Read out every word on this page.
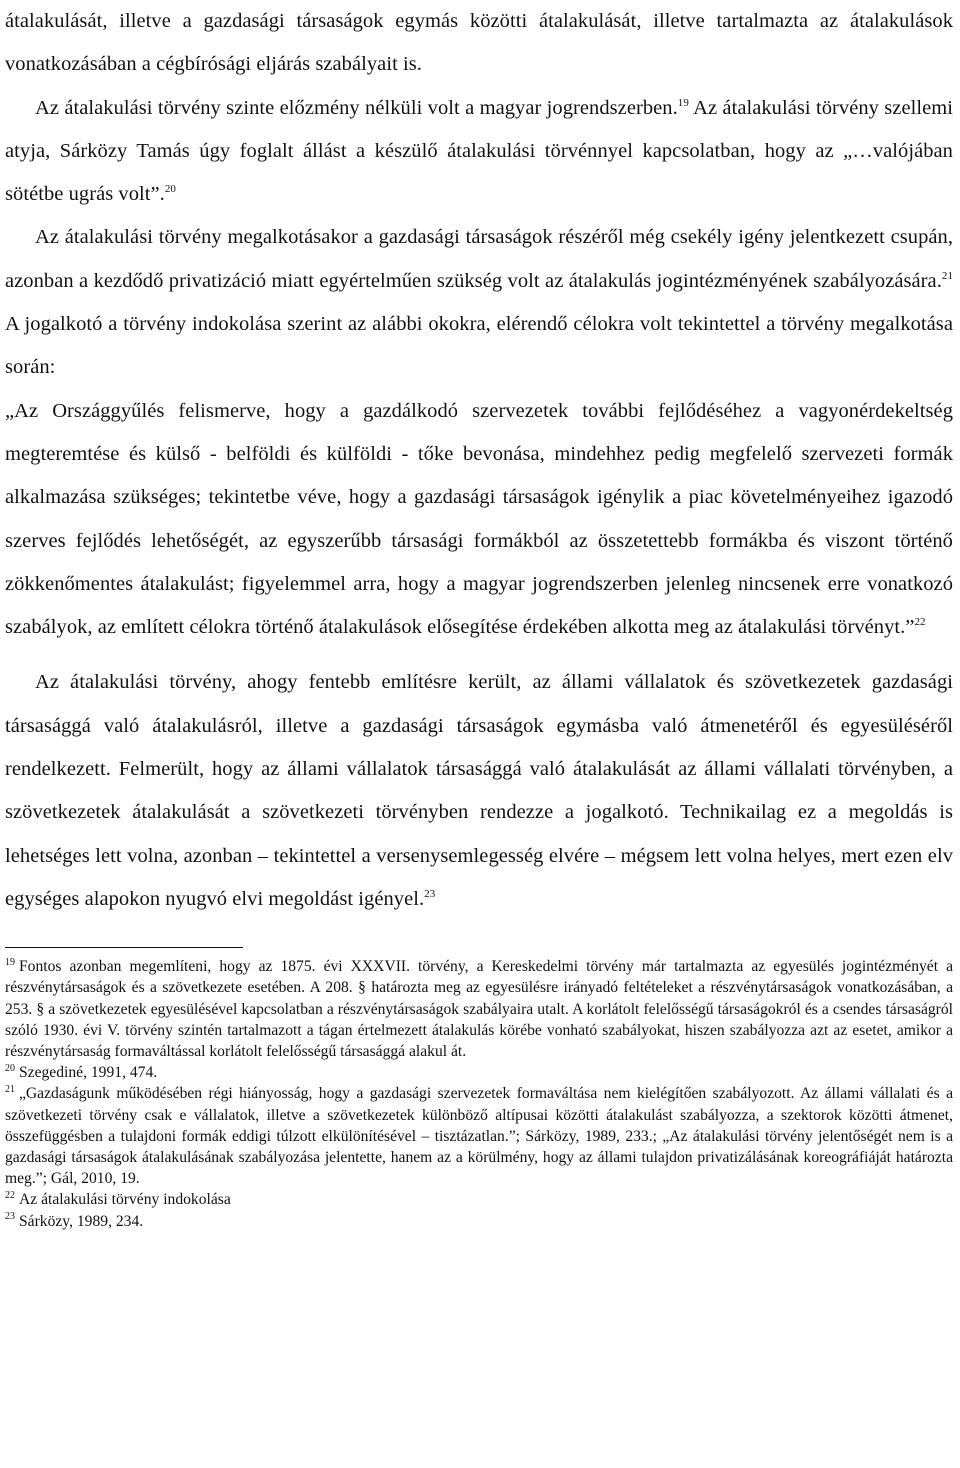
átalakulását, illetve a gazdasági társaságok egymás közötti átalakulását, illetve tartalmazta az átalakulások vonatkozásában a cégbírósági eljárás szabályait is.

Az átalakulási törvény szinte előzmény nélküli volt a magyar jogrendszerben.$^{19}$ Az átalakulási törvény szellemi atyja, Sárközy Tamás úgy foglalt állást a készülő átalakulási törvénnyel kapcsolatban, hogy az „…valójában sötétbe ugrás volt”.$^{20}$

Az átalakulási törvény megalkotásakor a gazdasági társaságok részéről még csekély igény jelentkezett csupán, azonban a kezdődő privatizáció miatt egyértelműen szükség volt az átalakulás jogintézményének szabályozására.$^{21}$ A jogalkotó a törvény indokolása szerint az alábbi okokra, elérendő célokra volt tekintettel a törvény megalkotása során:

„Az Országgyűlés felismerve, hogy a gazdálkodó szervezetek további fejlődéséhez a vagyonérdekeltség megteremtése és külső - belföldi és külföldi - tőke bevonása, mindehhez pedig megfelelő szervezeti formák alkalmazása szükséges; tekintetbe véve, hogy a gazdasági társaságok igénylik a piac követelményeihez igazodó szerves fejlődés lehetőségét, az egyszerűbb társasági formákból az összetettebb formákba és viszont történő zökkenőmentes átalakulást; figyelemmel arra, hogy a magyar jogrendszerben jelenleg nincsenek erre vonatkozó szabályok, az említett célokra történő átalakulások elősegítése érdekében alkotta meg az átalakulási törvényt.”$^{22}$

Az átalakulási törvény, ahogy fentebb említésre került, az állami vállalatok és szövetkezetek gazdasági társasággá való átalakulásról, illetve a gazdasági társaságok egymásba való átmenetéről és egyesüléséről rendelkezett. Felmerült, hogy az állami vállalatok társasággá való átalakulását az állami vállalati törvényben, a szövetkezetek átalakulását a szövetkezeti törvényben rendezze a jogalkotó. Technikailag ez a megoldás is lehetséges lett volna, azonban – tekintettel a versenysemlegesség elvére – mégsem lett volna helyes, mert ezen elv egységes alapokon nyugvó elvi megoldást igényel.$^{23}$

$^{19}$ Fontos azonban megemlíteni, hogy az 1875. évi XXXVII. törvény, a Kereskedelmi törvény már tartalmazta az egyesülés jogintézményét a részvénytársaságok és a szövetkezete esetében. A 208. § határozta meg az egyesülésre irányadó feltételeket a részvénytársaságok vonatkozásában, a 253. § a szövetkezetek egyesülésével kapcsolatban a részvénytársaságok szabályaira utalt. A korlátolt felelősségű társaságokról és a csendes társaságról szóló 1930. évi V. törvény szintén tartalmazott a tágan értelmezett átalakulás körébe vonható szabályokat, hiszen szabályozza azt az esetet, amikor a részvénytársaság formaváltással korlátolt felelősségű társasággá alakul át.

$^{20}$ Szegediné, 1991, 474.

$^{21}$ „Gazdaságunk működésében régi hiányosság, hogy a gazdasági szervezetek formaváltása nem kielégítően szabályozott. Az állami vállalati és a szövetkezeti törvény csak e vállalatok, illetve a szövetkezetek különböző altípusai közötti átalakulást szabályozza, a szektorok közötti átmenet, összefüggésben a tulajdoni formák eddigi túlzott elkülönítésével – tisztázatlan.”; Sárközy, 1989, 233.; „Az átalakulási törvény jelentőségét nem is a gazdasági társaságok átalakulásának szabályozása jelentette, hanem az a körülmény, hogy az állami tulajdon privatizálásának koreográfiáját határozta meg.”; Gál, 2010, 19.

$^{22}$ Az átalakulási törvény indokolása

$^{23}$ Sárközy, 1989, 234.
